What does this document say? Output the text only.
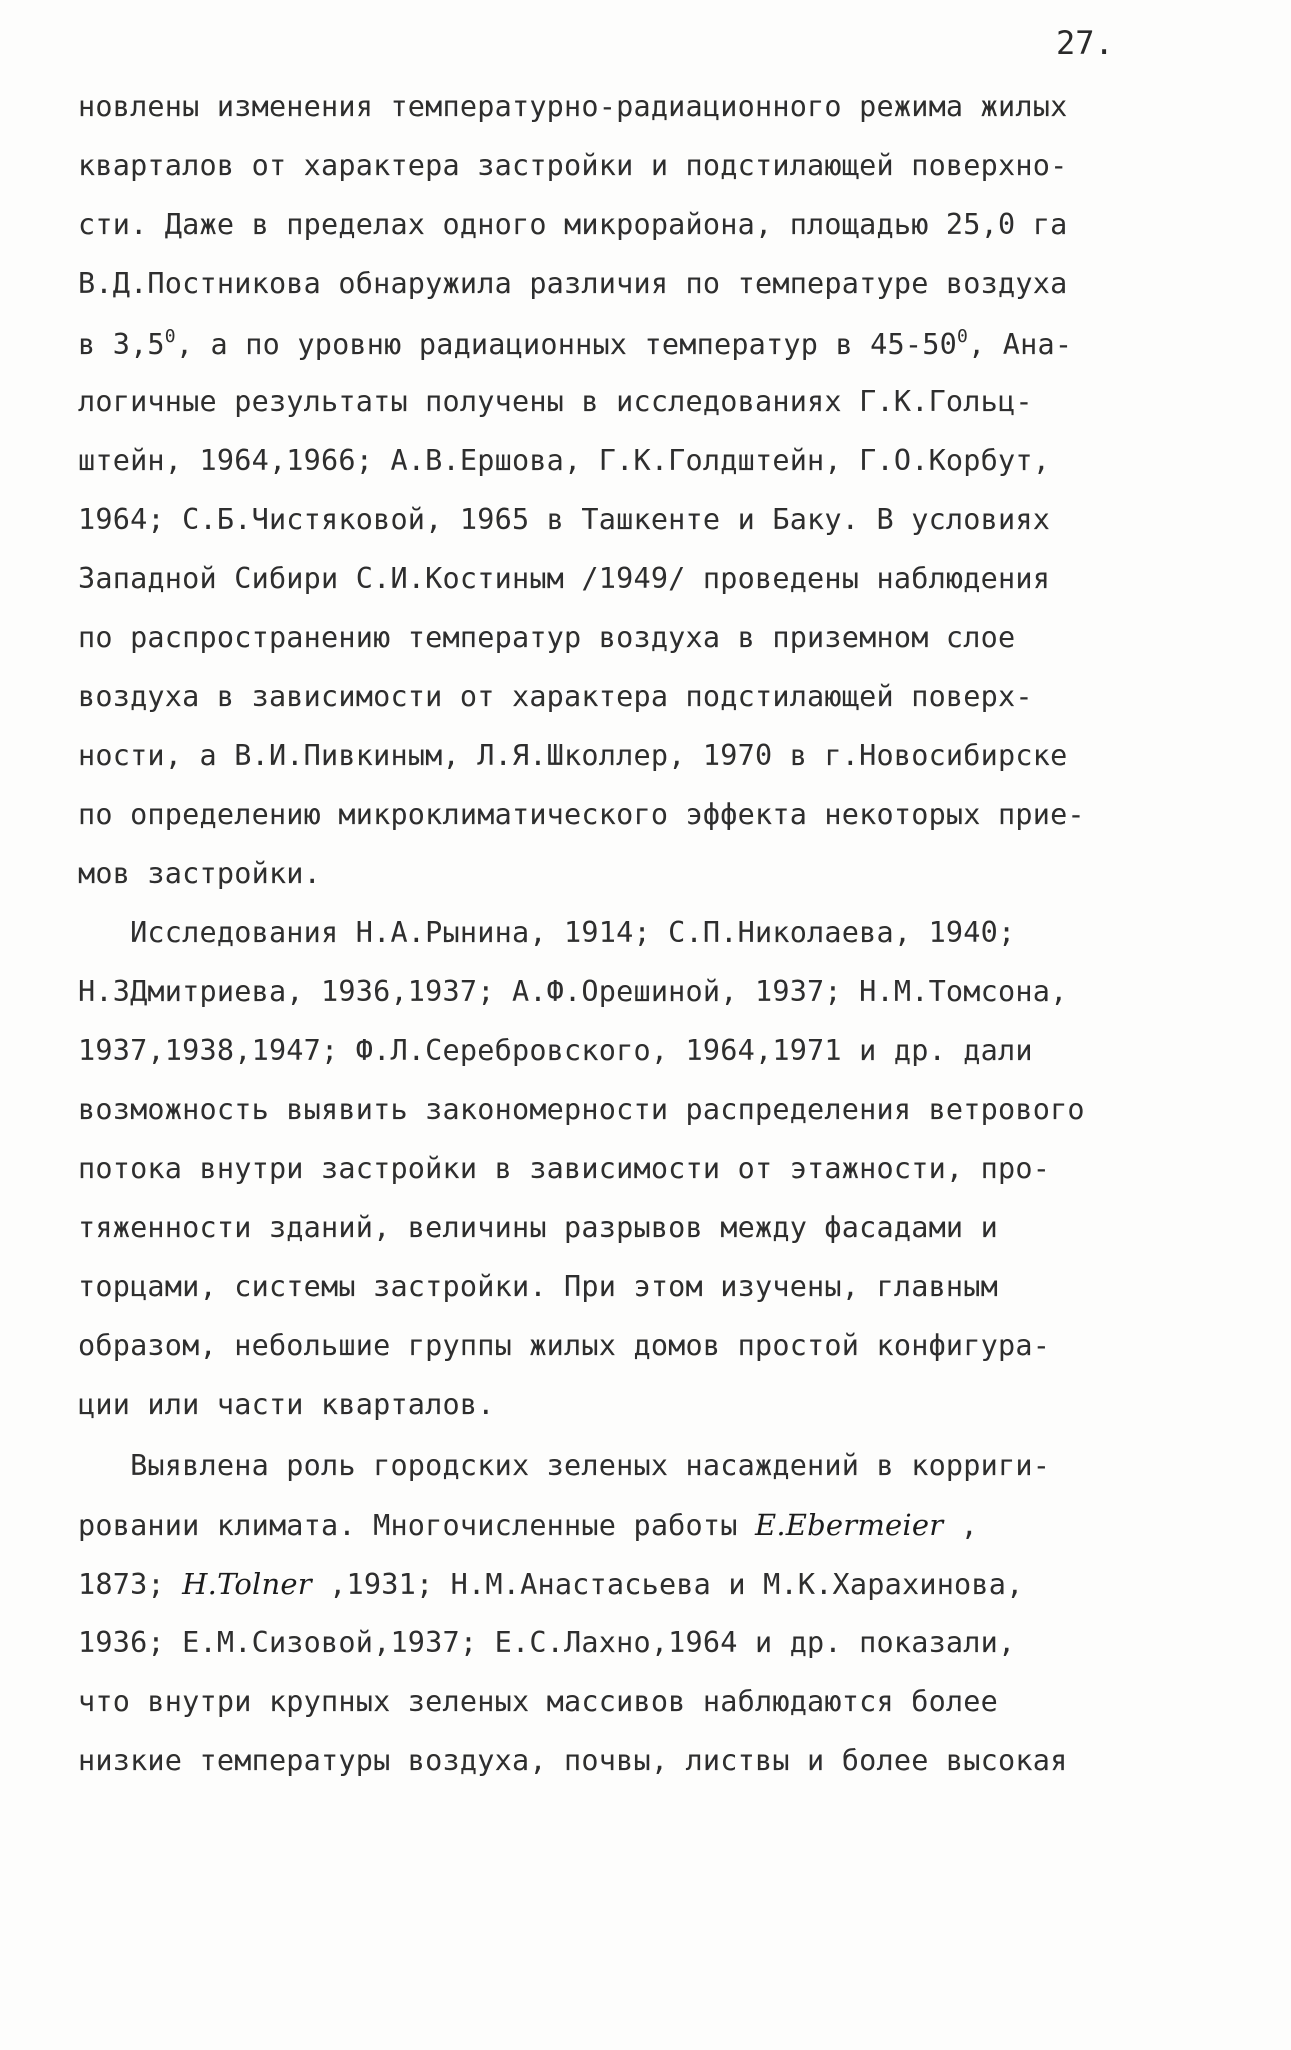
27.
новлены изменения температурно-радиационного режима жилых
кварталов от характера застройки и подстилающей поверхно-
сти. Даже в пределах одного микрорайона, площадью 25,0 га
В.Д.Постникова обнаружила различия по температуре воздуха
в $3,5^0$, а по уровню радиационных температур в $45-50^0$, Ана-
логичные результаты получены в исследованиях Г.К.Гольц-
штейн, 1964,1966; А.В.Ершова, Г.К.Голдштейн, Г.О.Корбут,
1964; С.Б.Чистяковой, 1965 в Ташкенте и Баку. В условиях
Западной Сибири С.И.Костиным /1949/ проведены наблюдения
по распространению температур воздуха в приземном слое
воздуха в зависимости от характера подстилающей поверх-
ности, а В.И.Пивкиным, Л.Я.Школлер, 1970 в г.Новосибирске
по определению микроклиматического эффекта некоторых прие-
мов застройки.
Исследования Н.А.Рынина, 1914; С.П.Николаева, 1940;
Н.ЗДмитриева, 1936,1937; А.Ф.Орешиной, 1937; Н.М.Томсона,
1937,1938,1947; Ф.Л.Серебровского, 1964,1971 и др. дали
возможность выявить закономерности распределения ветрового
потока внутри застройки в зависимости от этажности, про-
тяженности зданий, величины разрывов между фасадами и
торцами, системы застройки. При этом изучены, главным
образом, небольшие группы жилых домов простой конфигура-
ции или части кварталов.
Выявлена роль городских зеленых насаждений в корриги-
ровании климата. Многочисленные работы E.Ebermeier ,
1873; H.Tolner ,1931; Н.М.Анастасьева и М.К.Харахинова,
1936; Е.М.Сизовой,1937; Е.С.Лахно,1964 и др. показали,
что внутри крупных зеленых массивов наблюдаются более
низкие температуры воздуха, почвы, листвы и более высокая
